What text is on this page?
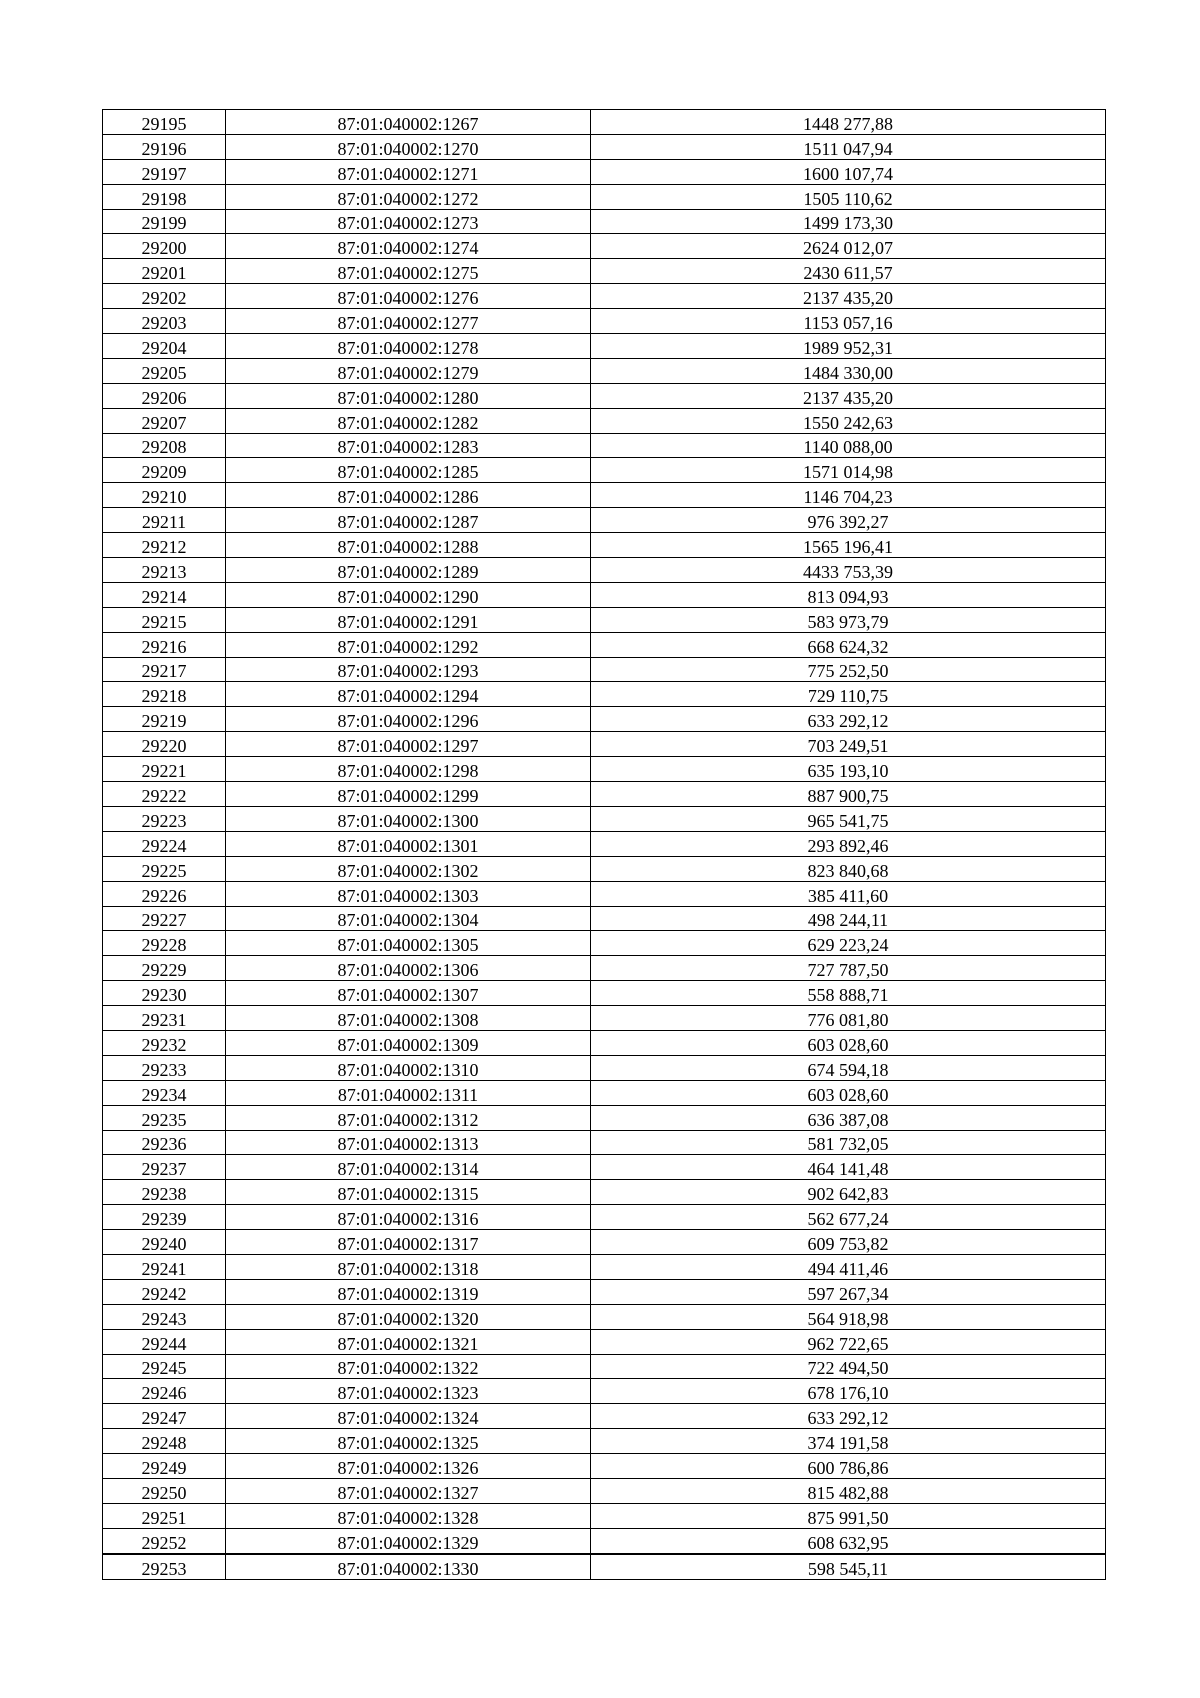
29195	87:01:040002:1267	1448 277,88
29196	87:01:040002:1270	1511 047,94
29197	87:01:040002:1271	1600 107,74
29198	87:01:040002:1272	1505 110,62
29199	87:01:040002:1273	1499 173,30
29200	87:01:040002:1274	2624 012,07
29201	87:01:040002:1275	2430 611,57
29202	87:01:040002:1276	2137 435,20
29203	87:01:040002:1277	1153 057,16
29204	87:01:040002:1278	1989 952,31
29205	87:01:040002:1279	1484 330,00
29206	87:01:040002:1280	2137 435,20
29207	87:01:040002:1282	1550 242,63
29208	87:01:040002:1283	1140 088,00
29209	87:01:040002:1285	1571 014,98
29210	87:01:040002:1286	1146 704,23
29211	87:01:040002:1287	976 392,27
29212	87:01:040002:1288	1565 196,41
29213	87:01:040002:1289	4433 753,39
29214	87:01:040002:1290	813 094,93
29215	87:01:040002:1291	583 973,79
29216	87:01:040002:1292	668 624,32
29217	87:01:040002:1293	775 252,50
29218	87:01:040002:1294	729 110,75
29219	87:01:040002:1296	633 292,12
29220	87:01:040002:1297	703 249,51
29221	87:01:040002:1298	635 193,10
29222	87:01:040002:1299	887 900,75
29223	87:01:040002:1300	965 541,75
29224	87:01:040002:1301	293 892,46
29225	87:01:040002:1302	823 840,68
29226	87:01:040002:1303	385 411,60
29227	87:01:040002:1304	498 244,11
29228	87:01:040002:1305	629 223,24
29229	87:01:040002:1306	727 787,50
29230	87:01:040002:1307	558 888,71
29231	87:01:040002:1308	776 081,80
29232	87:01:040002:1309	603 028,60
29233	87:01:040002:1310	674 594,18
29234	87:01:040002:1311	603 028,60
29235	87:01:040002:1312	636 387,08
29236	87:01:040002:1313	581 732,05
29237	87:01:040002:1314	464 141,48
29238	87:01:040002:1315	902 642,83
29239	87:01:040002:1316	562 677,24
29240	87:01:040002:1317	609 753,82
29241	87:01:040002:1318	494 411,46
29242	87:01:040002:1319	597 267,34
29243	87:01:040002:1320	564 918,98
29244	87:01:040002:1321	962 722,65
29245	87:01:040002:1322	722 494,50
29246	87:01:040002:1323	678 176,10
29247	87:01:040002:1324	633 292,12
29248	87:01:040002:1325	374 191,58
29249	87:01:040002:1326	600 786,86
29250	87:01:040002:1327	815 482,88
29251	87:01:040002:1328	875 991,50
29252	87:01:040002:1329	608 632,95
29253	87:01:040002:1330	598 545,11
